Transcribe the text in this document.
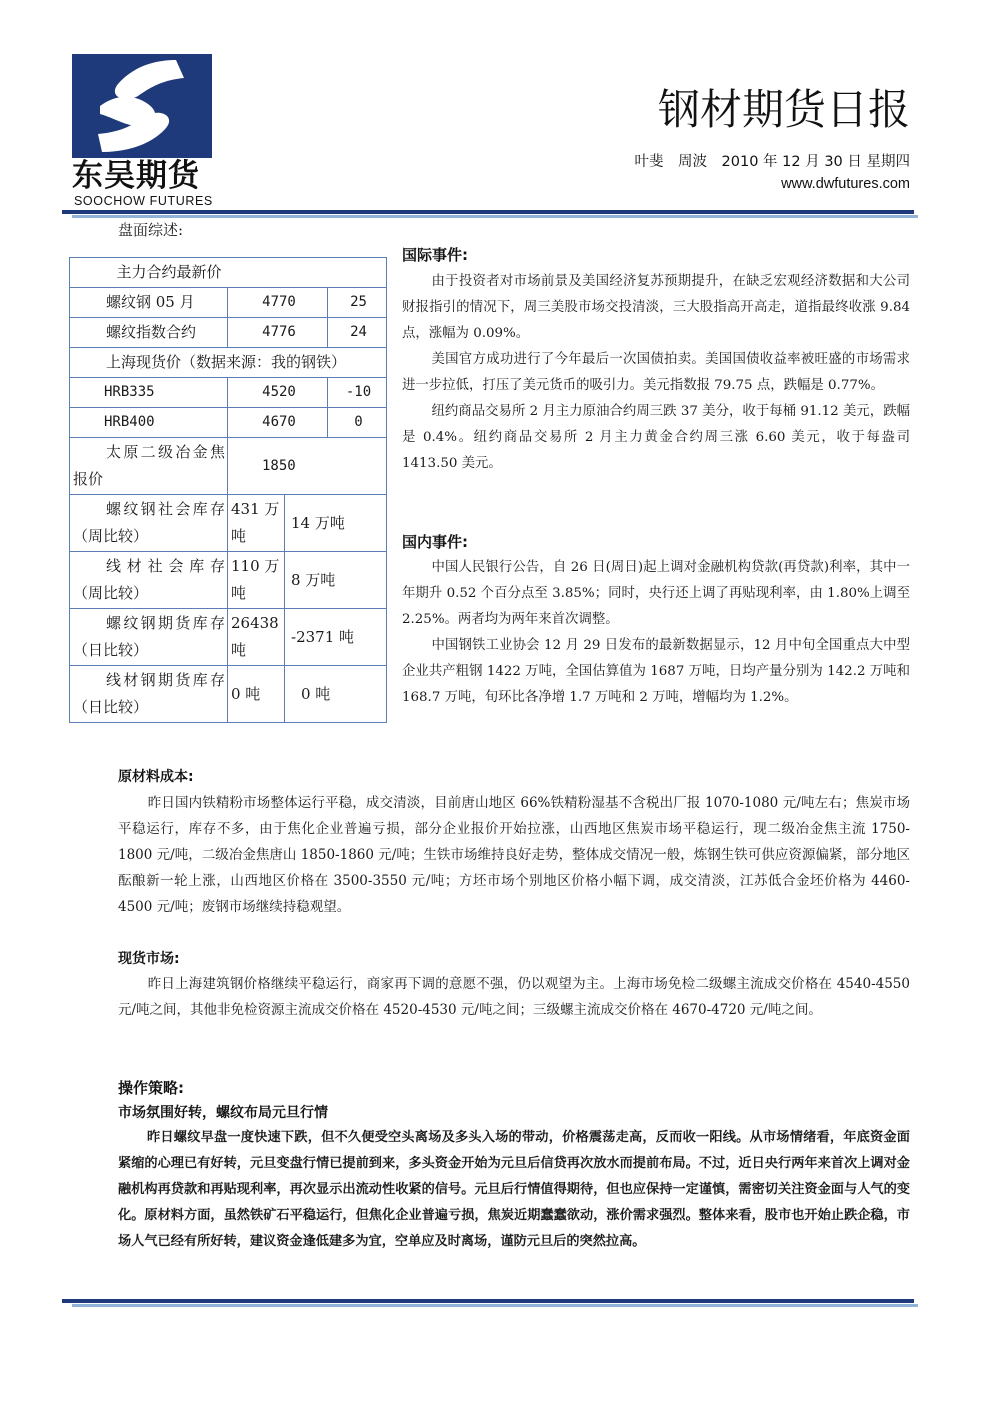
东吴期货
SOOCHOW FUTURES
钢材期货日报
叶斐　周波　2010 年 12 月 30 日 星期四
www.dwfutures.com
盘面综述:
主力合约最新价			
螺纹钢 05 月	4770		25
螺纹指数合约	4776		24
上海现货价（数据来源：我的钢铁）			
HRB335	4520		-10
HRB400	4670		0
太原二级冶金焦报价	1850		
螺纹钢社会库存（周比较）	431 万吨	14 万吨	
线材社会库存（周比较）	110 万吨	8 万吨	
螺纹钢期货库存（日比较）	26438 吨	-2371 吨	
线材钢期货库存（日比较）	0 吨	0 吨	
国际事件:

由于投资者对市场前景及美国经济复苏预期提升，在缺乏宏观经济数据和大公司财报指引的情况下，周三美股市场交投清淡，三大股指高开高走，道指最终收涨 9.84 点，涨幅为 0.09%。

美国官方成功进行了今年最后一次国债拍卖。美国国债收益率被旺盛的市场需求进一步拉低，打压了美元货币的吸引力。美元指数报 79.75 点，跌幅是 0.77%。

纽约商品交易所 2 月主力原油合约周三跌 37 美分，收于每桶 91.12 美元，跌幅是 0.4%。纽约商品交易所 2 月主力黄金合约周三涨 6.60 美元，收于每盎司 1413.50 美元。

国内事件:

中国人民银行公告，自 26 日(周日)起上调对金融机构贷款(再贷款)利率，其中一年期升 0.52 个百分点至 3.85%；同时，央行还上调了再贴现利率，由 1.80%上调至 2.25%。两者均为两年来首次调整。

中国钢铁工业协会 12 月 29 日发布的最新数据显示，12 月中旬全国重点大中型企业共产粗钢 1422 万吨，全国估算值为 1687 万吨，日均产量分别为 142.2 万吨和 168.7 万吨，旬环比各净增 1.7 万吨和 2 万吨，增幅均为 1.2%。

原材料成本:

昨日国内铁精粉市场整体运行平稳，成交清淡，目前唐山地区 66%铁精粉湿基不含税出厂报 1070-1080 元/吨左右；焦炭市场平稳运行，库存不多，由于焦化企业普遍亏损，部分企业报价开始拉涨，山西地区焦炭市场平稳运行，现二级冶金焦主流 1750-1800 元/吨，二级冶金焦唐山 1850-1860 元/吨；生铁市场维持良好走势，整体成交情况一般，炼钢生铁可供应资源偏紧，部分地区酝酿新一轮上涨，山西地区价格在 3500-3550 元/吨；方坯市场个别地区价格小幅下调，成交清淡，江苏低合金坯价格为 4460-4500 元/吨；废钢市场继续持稳观望。

现货市场:

昨日上海建筑钢价格继续平稳运行，商家再下调的意愿不强，仍以观望为主。上海市场免检二级螺主流成交价格在 4540-4550 元/吨之间，其他非免检资源主流成交价格在 4520-4530 元/吨之间；三级螺主流成交价格在 4670-4720 元/吨之间。

操作策略:
市场氛围好转，螺纹布局元旦行情

昨日螺纹早盘一度快速下跌，但不久便受空头离场及多头入场的带动，价格震荡走高，反而收一阳线。从市场情绪看，年底资金面紧缩的心理已有好转，元旦变盘行情已提前到来，多头资金开始为元旦后信贷再次放水而提前布局。不过，近日央行两年来首次上调对金融机构再贷款和再贴现利率，再次显示出流动性收紧的信号。元旦后行情值得期待，但也应保持一定谨慎，需密切关注资金面与人气的变化。原材料方面，虽然铁矿石平稳运行，但焦化企业普遍亏损，焦炭近期蠢蠢欲动，涨价需求强烈。整体来看，股市也开始止跌企稳，市场人气已经有所好转，建议资金逢低建多为宜，空单应及时离场，谨防元旦后的突然拉高。
